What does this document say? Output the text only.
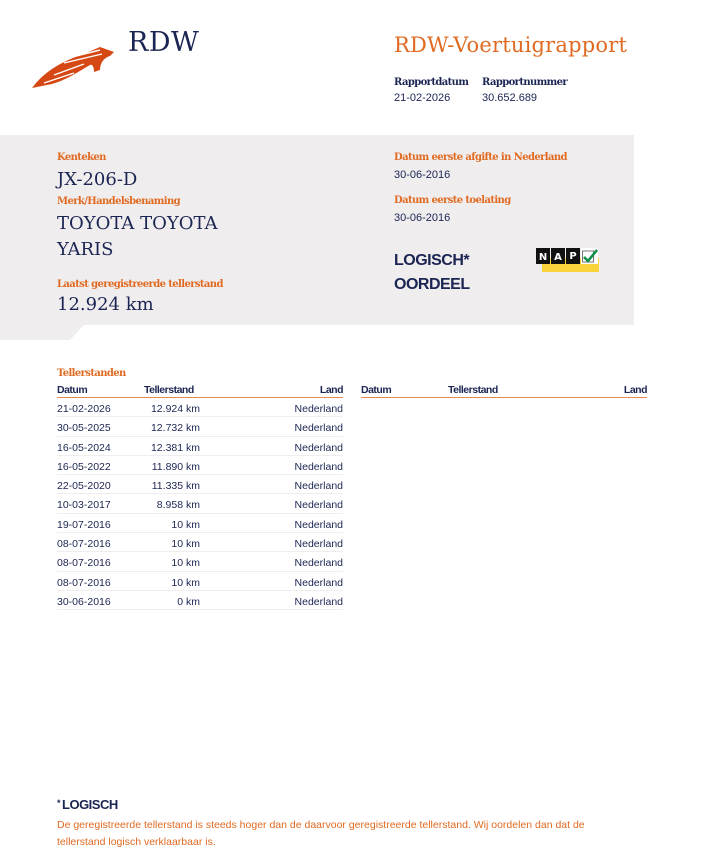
RDW	RDW-Voertuigrapport
Rapportdatum
21-02-2026
Rapportnummer
30.652.689
Kenteken
JX-206-D
Merk/Handelsbenaming
TOYOTA TOYOTA
YARIS
Laatst geregistreerde tellerstand
12.924 km
Datum eerste afgifte in Nederland
30-06-2016
Datum eerste toelating
30-06-2016
LOGISCH*
OORDEEL
N A P
Tellerstanden
Datum	Tellerstand	Land
21-02-2026	12.924 km	Nederland
30-05-2025	12.732 km	Nederland
16-05-2024	12.381 km	Nederland
16-05-2022	11.890 km	Nederland
22-05-2020	11.335 km	Nederland
10-03-2017	8.958 km	Nederland
19-07-2016	10 km	Nederland
08-07-2016	10 km	Nederland
08-07-2016	10 km	Nederland
08-07-2016	10 km	Nederland
30-06-2016	0 km	Nederland
Datum	Tellerstand	Land
* LOGISCH
De geregistreerde tellerstand is steeds hoger dan de daarvoor geregistreerde tellerstand. Wij oordelen dan dat de tellerstand logisch verklaarbaar is.
